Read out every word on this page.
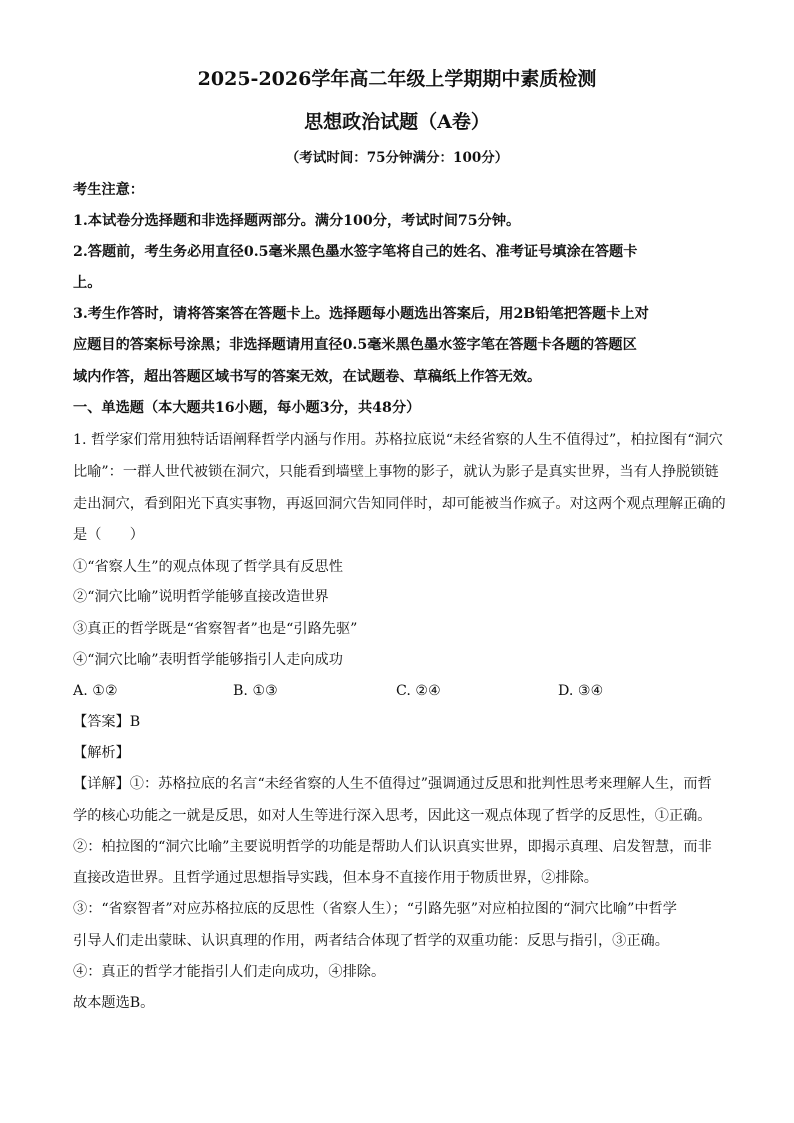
2025-2026学年高二年级上学期期中素质检测
思想政治试题（A卷）
（考试时间：75分钟满分：100分）
考生注意：
1.本试卷分选择题和非选择题两部分。满分100分，考试时间75分钟。
2.答题前，考生务必用直径0.5毫米黑色墨水签字笔将自己的姓名、准考证号填涂在答题卡
上。
3.考生作答时，请将答案答在答题卡上。选择题每小题选出答案后，用2B铅笔把答题卡上对
应题目的答案标号涂黑；非选择题请用直径0.5毫米黑色墨水签字笔在答题卡各题的答题区
域内作答，超出答题区域书写的答案无效，在试题卷、草稿纸上作答无效。
一、单选题（本大题共16小题，每小题3分，共48分）
1. 哲学家们常用独特话语阐释哲学内涵与作用。苏格拉底说“未经省察的人生不值得过”，柏拉图有“洞穴
比喻”：一群人世代被锁在洞穴，只能看到墙壁上事物的影子，就认为影子是真实世界，当有人挣脱锁链
走出洞穴，看到阳光下真实事物，再返回洞穴告知同伴时，却可能被当作疯子。对这两个观点理解正确的
是（　　）
①“省察人生”的观点体现了哲学具有反思性
②“洞穴比喻”说明哲学能够直接改造世界
③真正的哲学既是“省察智者”也是“引路先驱”
④“洞穴比喻”表明哲学能够指引人走向成功
A. ①②	B. ①③	C. ②④	D. ③④
【答案】B
【解析】
【详解】①：苏格拉底的名言“未经省察的人生不值得过”强调通过反思和批判性思考来理解人生，而哲
学的核心功能之一就是反思，如对人生等进行深入思考，因此这一观点体现了哲学的反思性，①正确。
②：柏拉图的“洞穴比喻”主要说明哲学的功能是帮助人们认识真实世界，即揭示真理、启发智慧，而非
直接改造世界。且哲学通过思想指导实践，但本身不直接作用于物质世界，②排除。
③：“省察智者”对应苏格拉底的反思性（省察人生）；“引路先驱”对应柏拉图的“洞穴比喻”中哲学
引导人们走出蒙昧、认识真理的作用，两者结合体现了哲学的双重功能：反思与指引，③正确。
④：真正的哲学才能指引人们走向成功，④排除。
故本题选B。
